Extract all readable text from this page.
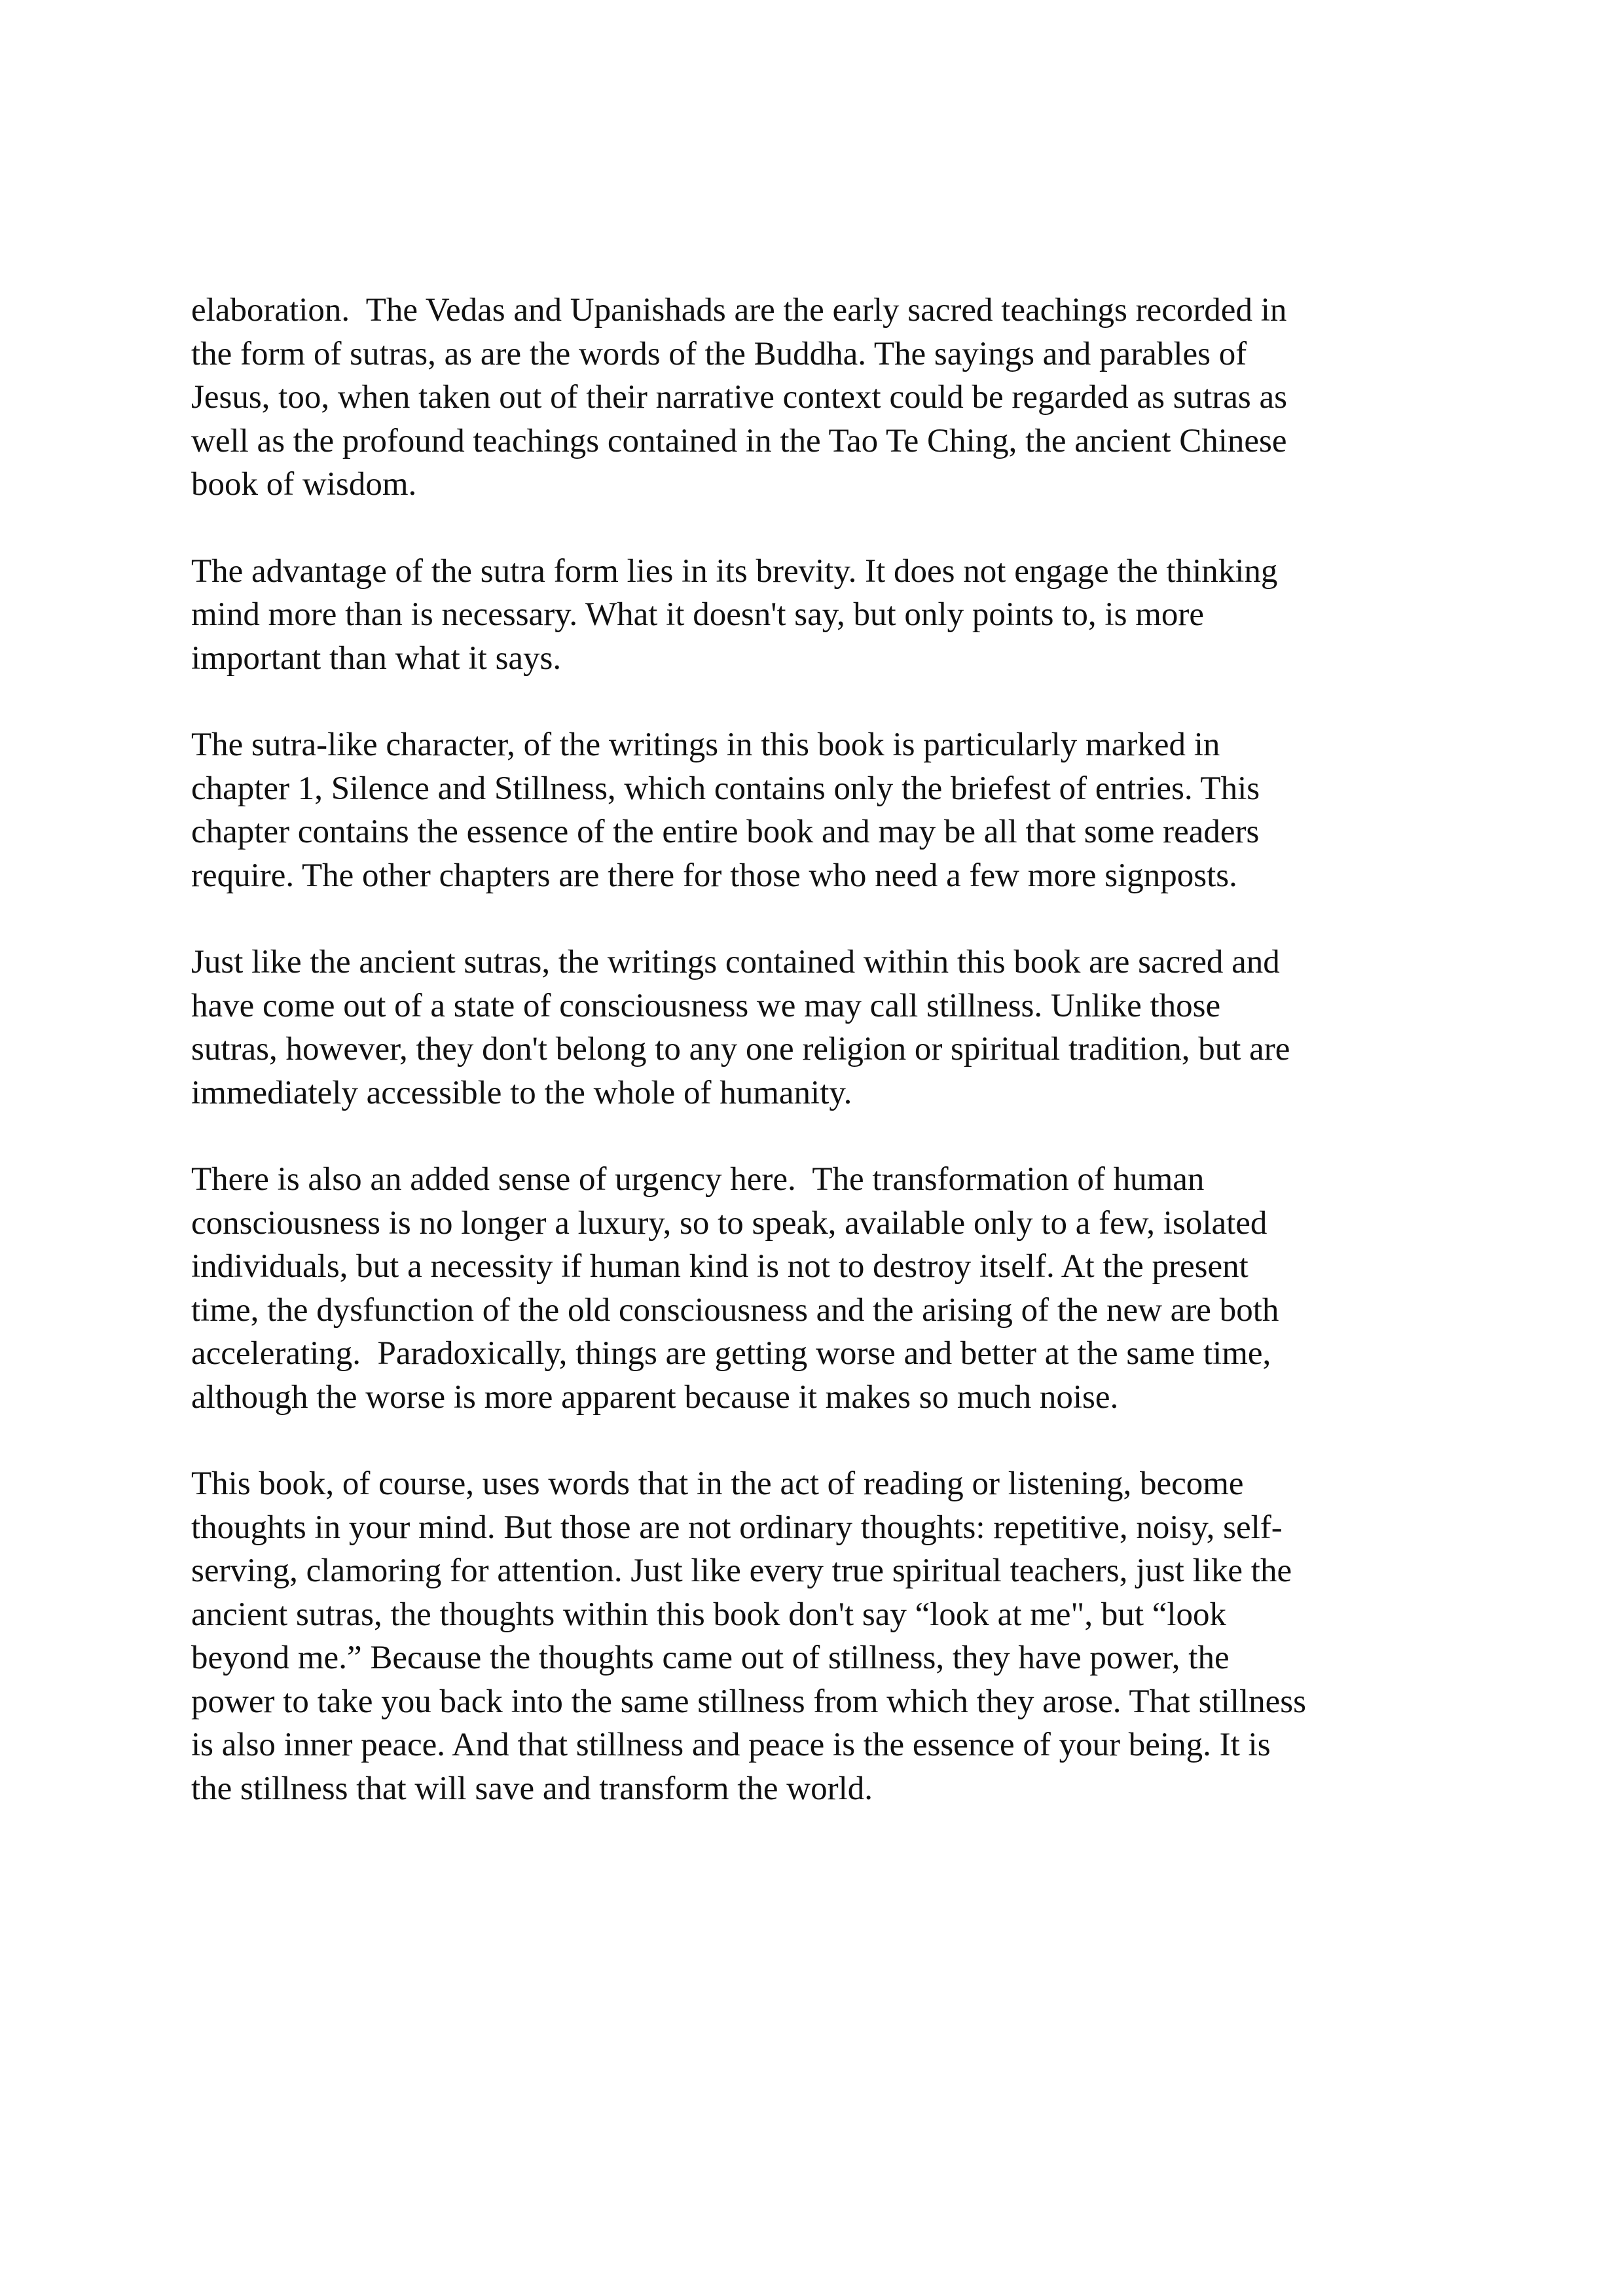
elaboration.  The Vedas and Upanishads are the early sacred teachings recorded in
the form of sutras, as are the words of the Buddha. The sayings and parables of
Jesus, too, when taken out of their narrative context could be regarded as sutras as
well as the profound teachings contained in the Tao Te Ching, the ancient Chinese
book of wisdom.

The advantage of the sutra form lies in its brevity. It does not engage the thinking
mind more than is necessary. What it doesn't say, but only points to, is more
important than what it says.

The sutra-like character, of the writings in this book is particularly marked in
chapter 1, Silence and Stillness, which contains only the briefest of entries. This
chapter contains the essence of the entire book and may be all that some readers
require. The other chapters are there for those who need a few more signposts.

Just like the ancient sutras, the writings contained within this book are sacred and
have come out of a state of consciousness we may call stillness. Unlike those
sutras, however, they don't belong to any one religion or spiritual tradition, but are
immediately accessible to the whole of humanity.

There is also an added sense of urgency here.  The transformation of human
consciousness is no longer a luxury, so to speak, available only to a few, isolated
individuals, but a necessity if human kind is not to destroy itself. At the present
time, the dysfunction of the old consciousness and the arising of the new are both
accelerating.  Paradoxically, things are getting worse and better at the same time,
although the worse is more apparent because it makes so much noise.

This book, of course, uses words that in the act of reading or listening, become
thoughts in your mind. But those are not ordinary thoughts: repetitive, noisy, self-
serving, clamoring for attention. Just like every true spiritual teachers, just like the
ancient sutras, the thoughts within this book don't say “look at me", but “look
beyond me.” Because the thoughts came out of stillness, they have power, the
power to take you back into the same stillness from which they arose. That stillness
is also inner peace. And that stillness and peace is the essence of your being. It is
the stillness that will save and transform the world.
